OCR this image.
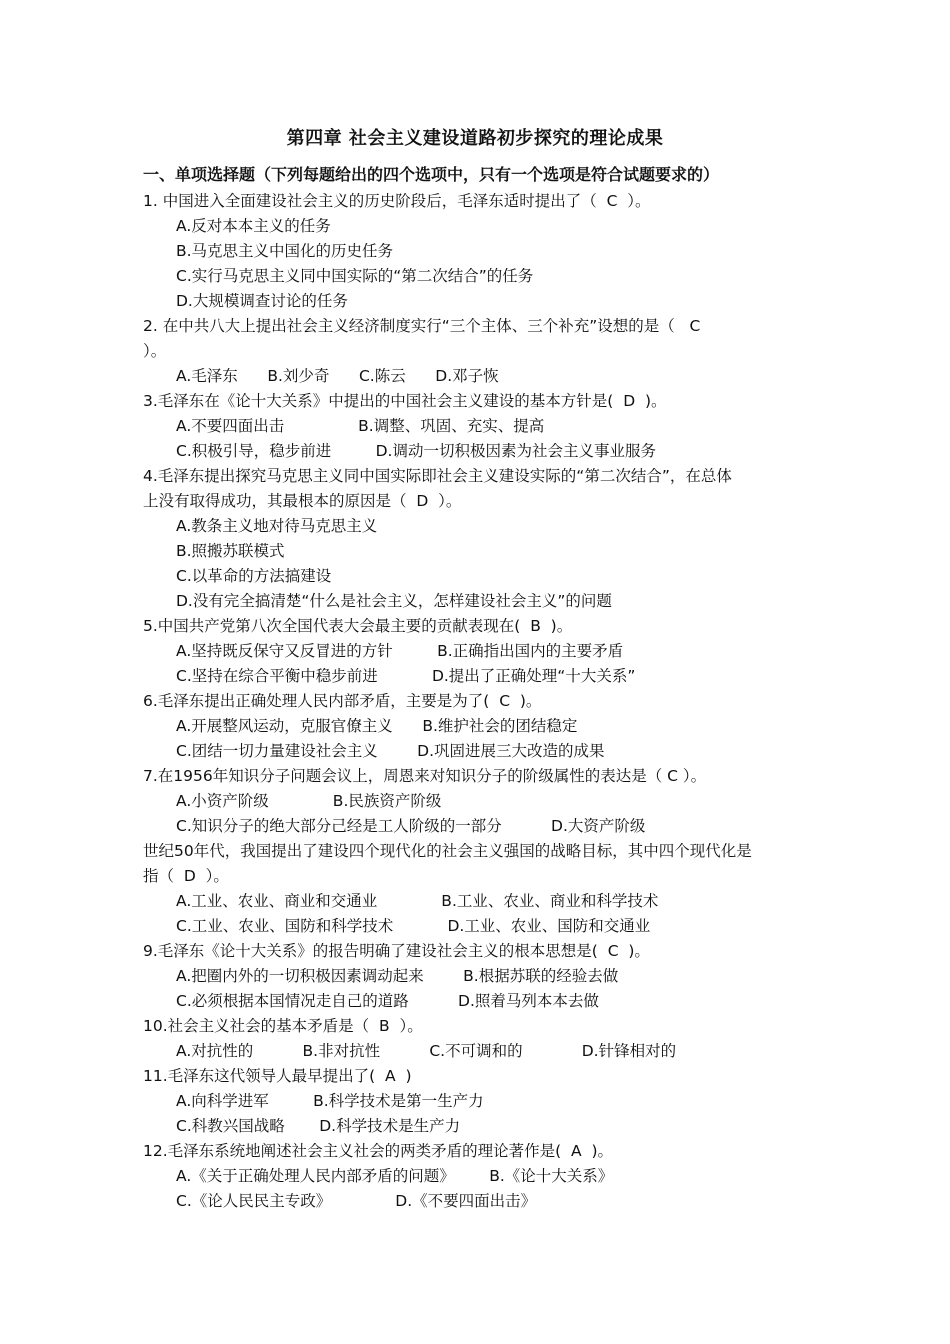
第四章 社会主义建设道路初步探究的理论成果
一、单项选择题（下列每题给出的四个选项中，只有一个选项是符合试题要求的）
1. 中国进入全面建设社会主义的历史阶段后，毛泽东适时提出了（  C  ）。
A.反对本本主义的任务
B.马克思主义中国化的历史任务
C.实行马克思主义同中国实际的“第二次结合”的任务
D.大规模调查讨论的任务
2. 在中共八大上提出社会主义经济制度实行“三个主体、三个补充”设想的是（   C
）。
A.毛泽东      B.刘少奇      C.陈云      D.邓子恢
3.毛泽东在《论十大关系》中提出的中国社会主义建设的基本方针是(  D  )。
A.不要四面出击               B.调整、巩固、充实、提高
C.积极引导，稳步前进         D.调动一切积极因素为社会主义事业服务
4.毛泽东提出探究马克思主义同中国实际即社会主义建设实际的“第二次结合”，在总体
上没有取得成功，其最根本的原因是（  D  ）。
A.教条主义地对待马克思主义
B.照搬苏联模式
C.以革命的方法搞建设
D.没有完全搞清楚“什么是社会主义，怎样建设社会主义”的问题
5.中国共产党第八次全国代表大会最主要的贡献表现在(  B  )。
A.坚持既反保守又反冒进的方针         B.正确指出国内的主要矛盾
C.坚持在综合平衡中稳步前进           D.提出了正确处理“十大关系”
6.毛泽东提出正确处理人民内部矛盾，主要是为了(  C  )。
A.开展整风运动，克服官僚主义      B.维护社会的团结稳定
C.团结一切力量建设社会主义        D.巩固进展三大改造的成果
7.在1956年知识分子问题会议上，周恩来对知识分子的阶级属性的表达是（ C ）。
A.小资产阶级             B.民族资产阶级
C.知识分子的绝大部分己经是工人阶级的一部分          D.大资产阶级
世纪50年代，我国提出了建设四个现代化的社会主义强国的战略目标，其中四个现代化是
指（  D  ）。
A.工业、农业、商业和交通业             B.工业、农业、商业和科学技术
C.工业、农业、国防和科学技术           D.工业、农业、国防和交通业
9.毛泽东《论十大关系》的报告明确了建设社会主义的根本思想是(  C  )。
A.把圈内外的一切积极因素调动起来        B.根据苏联的经验去做
C.必须根据本国情况走自己的道路          D.照着马列本本去做
10.社会主义社会的基本矛盾是（  B  ）。
A.对抗性的          B.非对抗性          C.不可调和的            D.针锋相对的
11.毛泽东这代领导人最早提出了(  A  )
A.向科学进军         B.科学技术是第一生产力
C.科教兴国战略       D.科学技术是生产力
12.毛泽东系统地阐述社会主义社会的两类矛盾的理论著作是(  A  )。
A.《关于正确处理人民内部矛盾的问题》       B.《论十大关系》
C.《论人民民主专政》             D.《不要四面出击》
